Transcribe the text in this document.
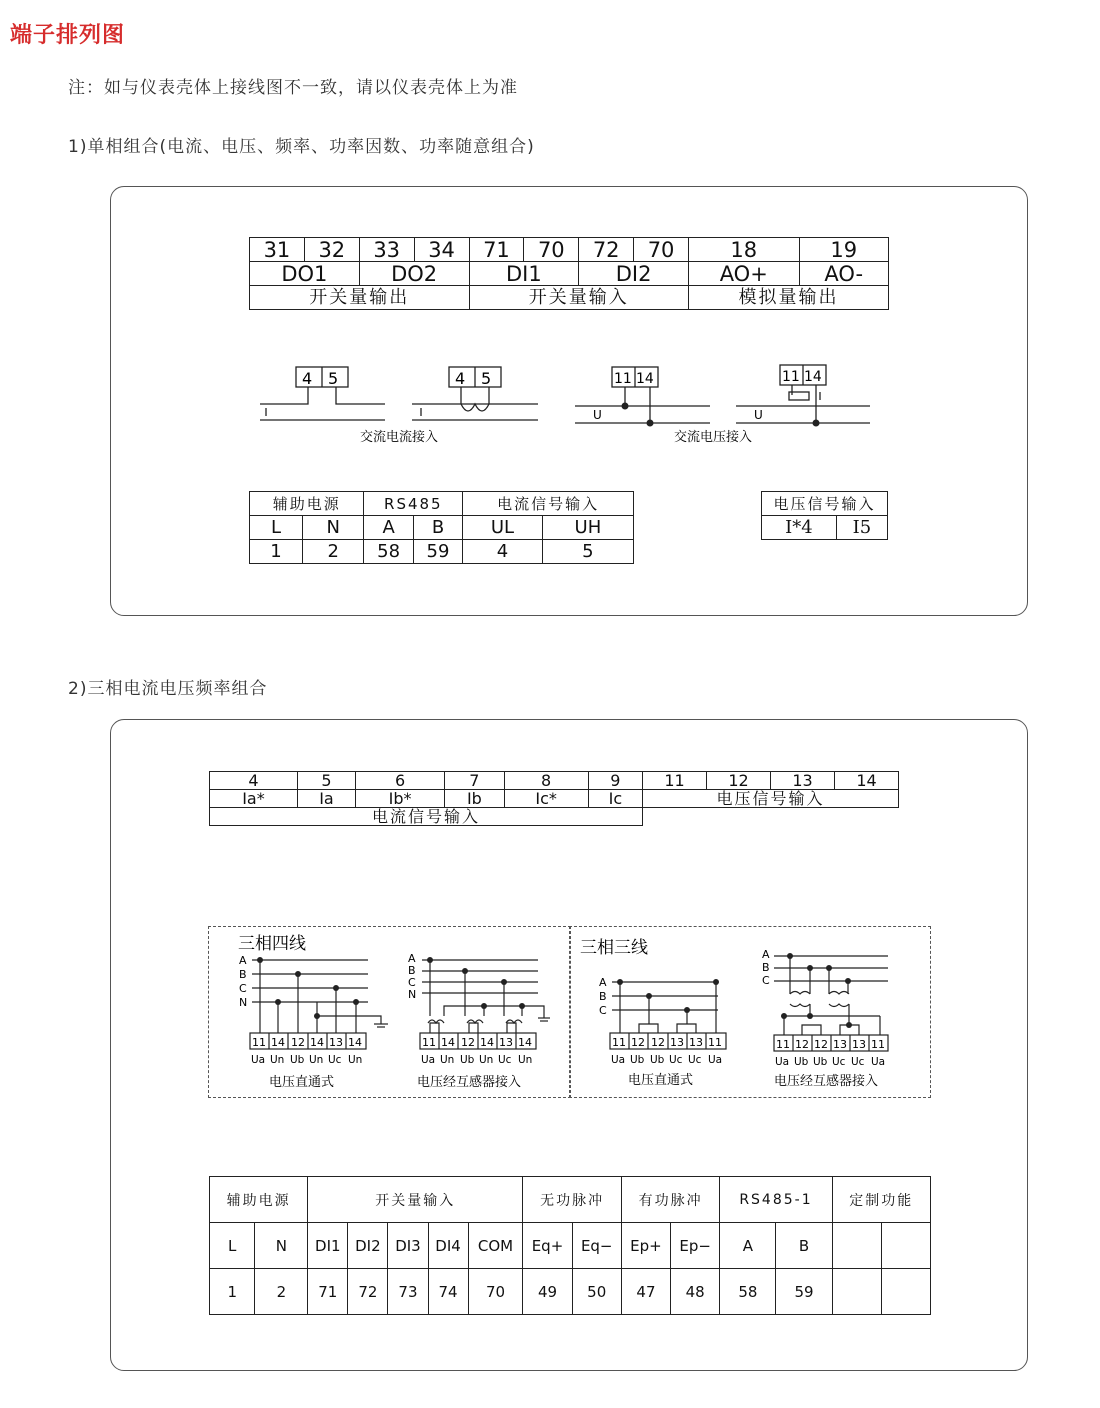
端子排列图
注：如与仪表壳体上接线图不一致，请以仪表壳体上为准
1)单相组合(电流、电压、频率、功率因数、功率随意组合)
31	32	33	34	71	70	72	70	18	19
DO1		DO2		DI1		DI2		AO+	AO-
开关量输出				开关量输入				模拟量输出	
4 5	4 5	11 14	11 14
U	U
交流电流接入	交流电压接入
辅助电源		RS485		电流信号输入	
L	N	A	B	UL	UH
1	2	58	59	4	5
电压信号输入
I*4	I5
2)三相电流电压频率组合
4	5	6	7	8	9	11	12	13	14
Ia*	Ia	Ib*	Ib	Ic*	Ic	电压信号输入			
电流信号输入									
三相四线	三相三线
A
B
C
N
A
B
C
N
A
B
C
A
B
C
11 14 12 14 13 14	11 14 12 14 13 14	11 12 12 13 13 11	11 12 12 13 13 11
Ua Un Ub Un Uc Un	Ua Un Ub Un Uc Un	Ua Ub Ub Uc Uc Ua	Ua Ub Ub Uc Uc Ua
电压直通式	电压经互感器接入	电压直通式	电压经互感器接入
辅助电源		开关量输入					无功脉冲		有功脉冲		RS485-1		定制功能	
L	N	DI1	DI2	DI3	DI4	COM	Eq+	Eq−	Ep+	Ep−	A	B		
1	2	71	72	73	74	70	49	50	47	48	58	59		
